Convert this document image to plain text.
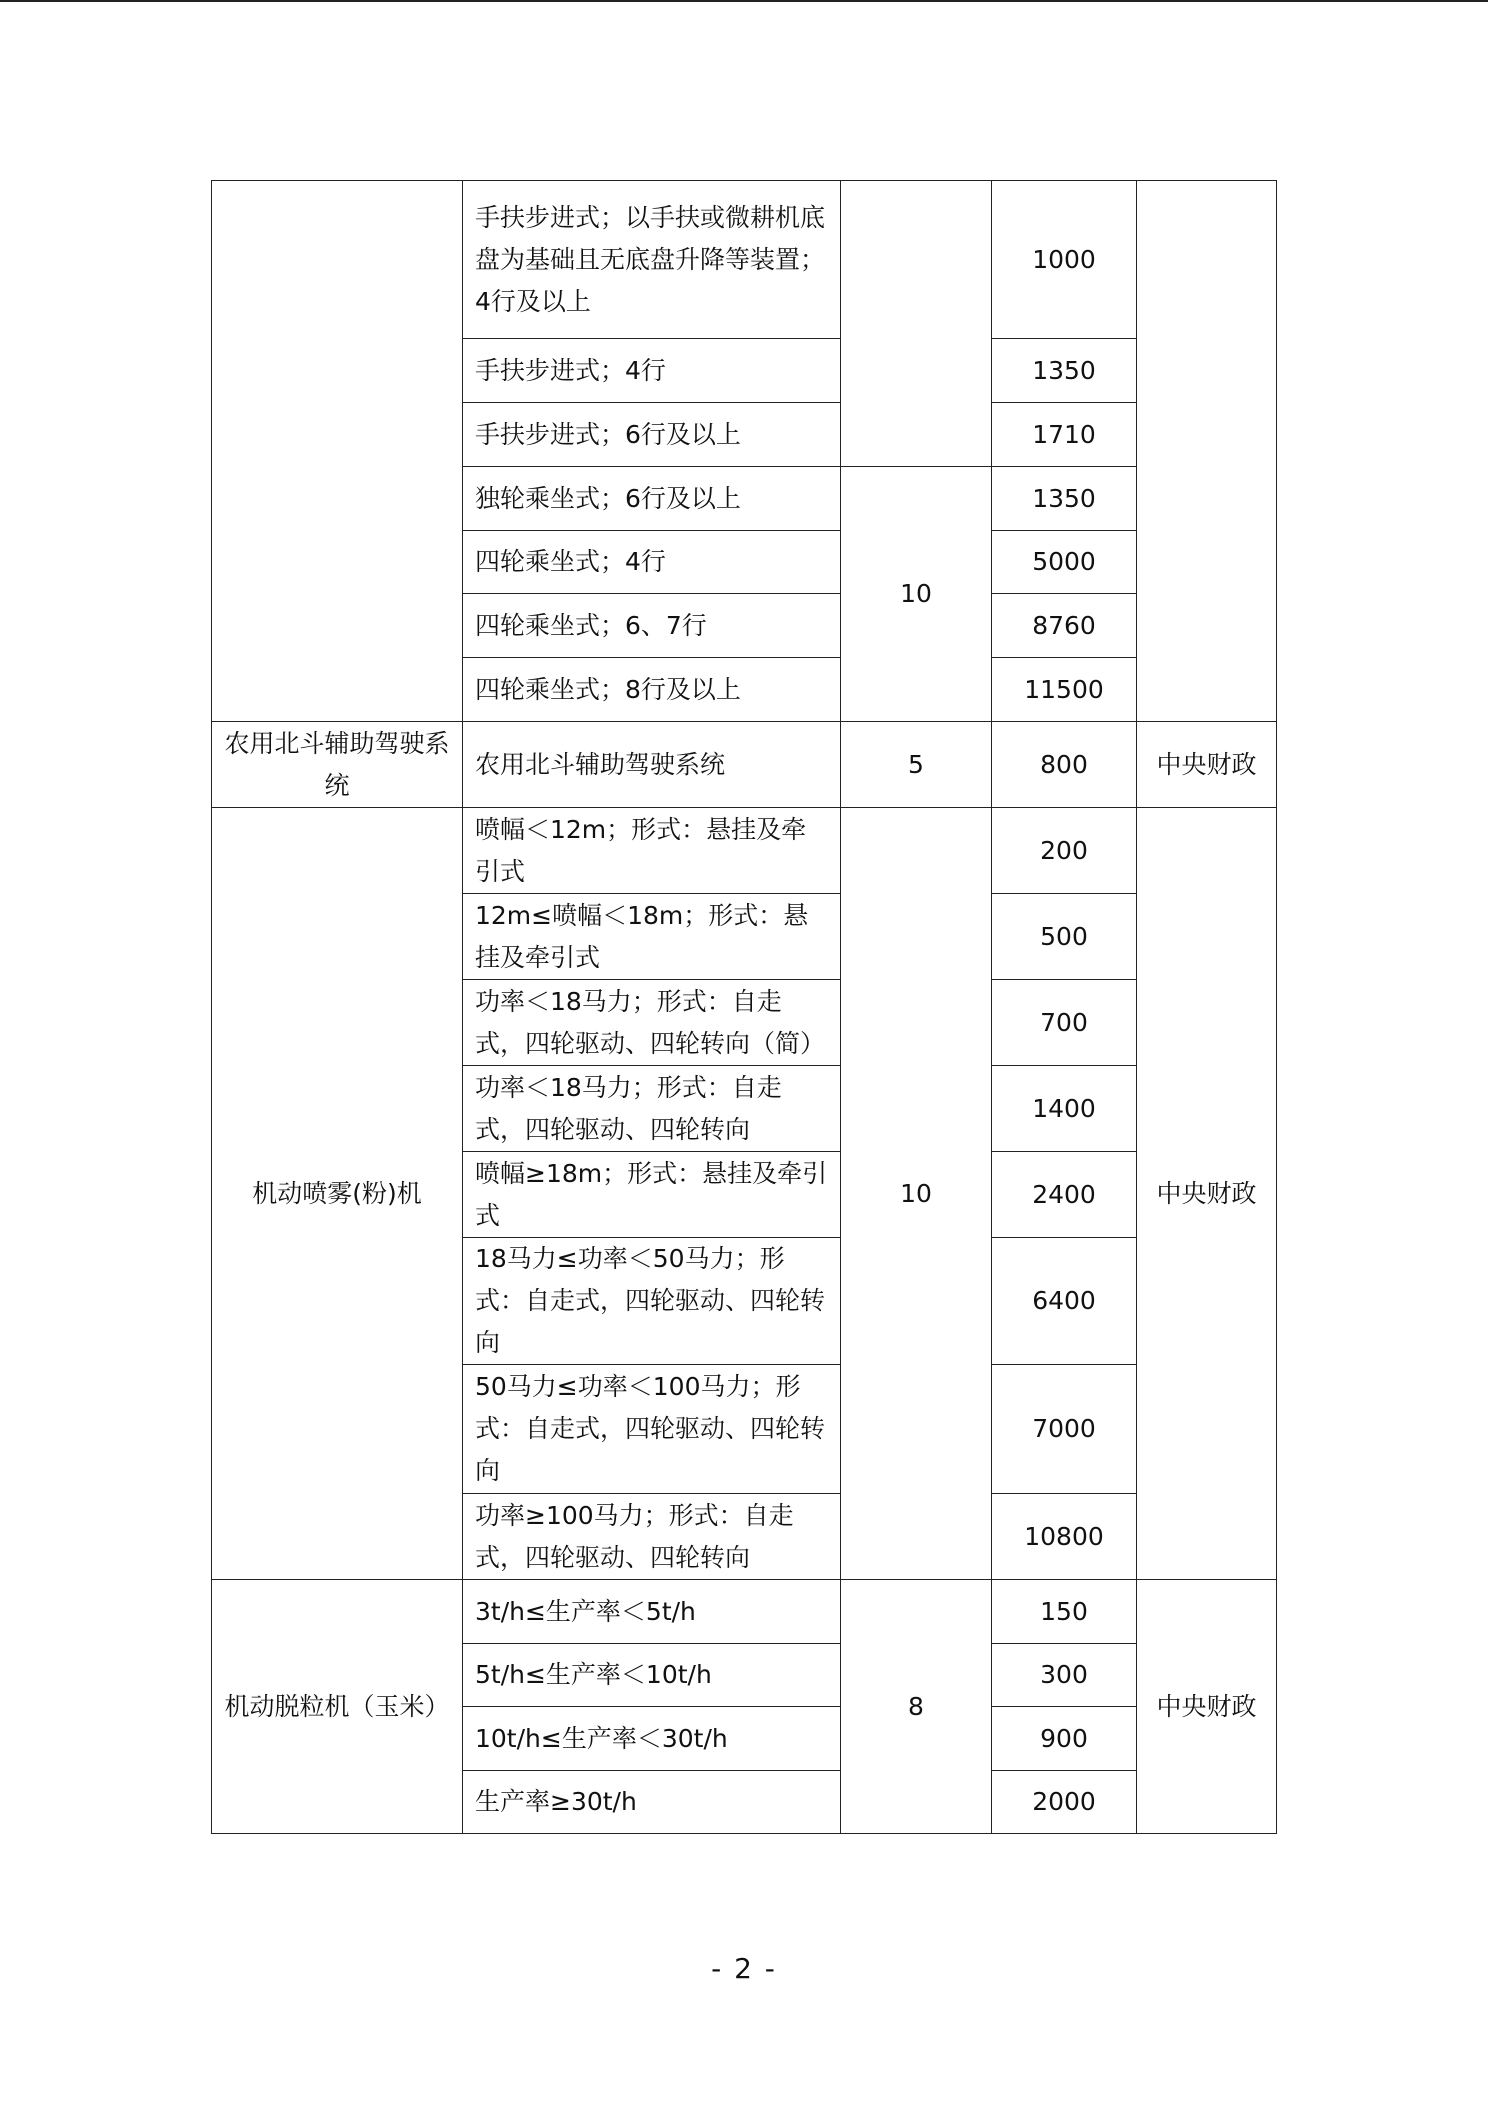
	手扶步进式；以手扶或微耕机底盘为基础且无底盘升降等装置；4行及以上		1000	
	手扶步进式；4行		1350	
	手扶步进式；6行及以上		1710	
	独轮乘坐式；6行及以上	10	1350	
	四轮乘坐式；4行		5000	
	四轮乘坐式；6、7行		8760	
	四轮乘坐式；8行及以上		11500	
农用北斗辅助驾驶系统	农用北斗辅助驾驶系统	5	800	中央财政
机动喷雾(粉)机	喷幅＜12m；形式：悬挂及牵引式	10	200	中央财政
	12m≤喷幅＜18m；形式：悬挂及牵引式		500	
	功率＜18马力；形式：自走式，四轮驱动、四轮转向（简）		700	
	功率＜18马力；形式：自走式，四轮驱动、四轮转向		1400	
	喷幅≥18m；形式：悬挂及牵引式		2400	
	18马力≤功率＜50马力；形式：自走式，四轮驱动、四轮转向		6400	
	50马力≤功率＜100马力；形式：自走式，四轮驱动、四轮转向		7000	
	功率≥100马力；形式：自走式，四轮驱动、四轮转向		10800	
机动脱粒机（玉米）	3t/h≤生产率＜5t/h	8	150	中央财政
	5t/h≤生产率＜10t/h		300	
	10t/h≤生产率＜30t/h		900	
	生产率≥30t/h		2000	
- 2 -
